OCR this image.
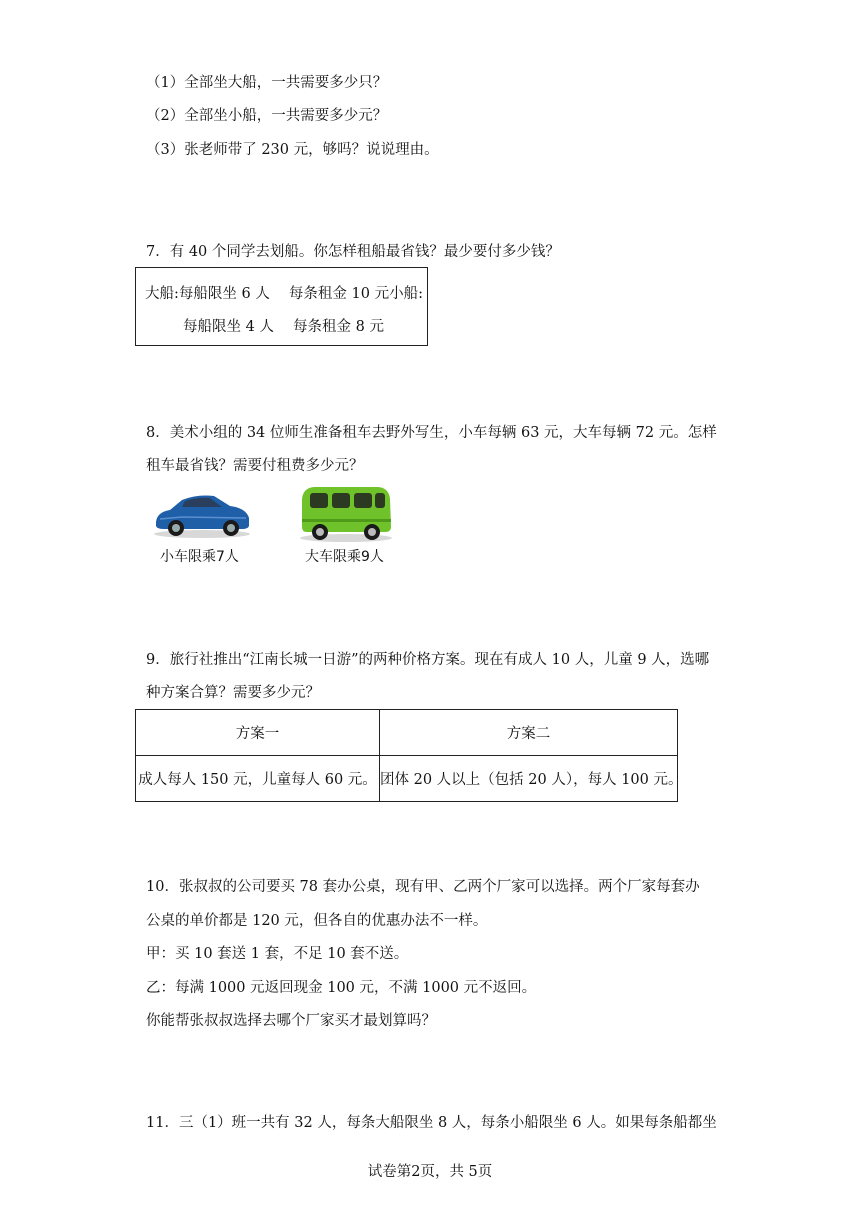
（1）全部坐大船，一共需要多少只？
（2）全部坐小船，一共需要多少元？
（3）张老师带了 230 元，够吗？说说理由。
7．有 40 个同学去划船。你怎样租船最省钱？最少要付多少钱？
大船:每船限坐 6 人　 每条租金 10 元小船:
每船限坐 4 人　 每条租金 8 元
8．美术小组的 34 位师生准备租车去野外写生，小车每辆 63 元，大车每辆 72 元。怎样
租车最省钱？需要付租费多少元？
小车限乘7人	大车限乘9人
9．旅行社推出“江南长城一日游”的两种价格方案。现在有成人 10 人，儿童 9 人，选哪
种方案合算？需要多少元？
方案一	方案二
成人每人 150 元，儿童每人 60 元。	团体 20 人以上（包括 20 人），每人 100 元。
10．张叔叔的公司要买 78 套办公桌，现有甲、乙两个厂家可以选择。两个厂家每套办
公桌的单价都是 120 元，但各自的优惠办法不一样。
甲：买 10 套送 1 套，不足 10 套不送。
乙：每满 1000 元返回现金 100 元，不满 1000 元不返回。
你能帮张叔叔选择去哪个厂家买才最划算吗？
11．三（1）班一共有 32 人，每条大船限坐 8 人，每条小船限坐 6 人。如果每条船都坐
试卷第2页，共 5页
